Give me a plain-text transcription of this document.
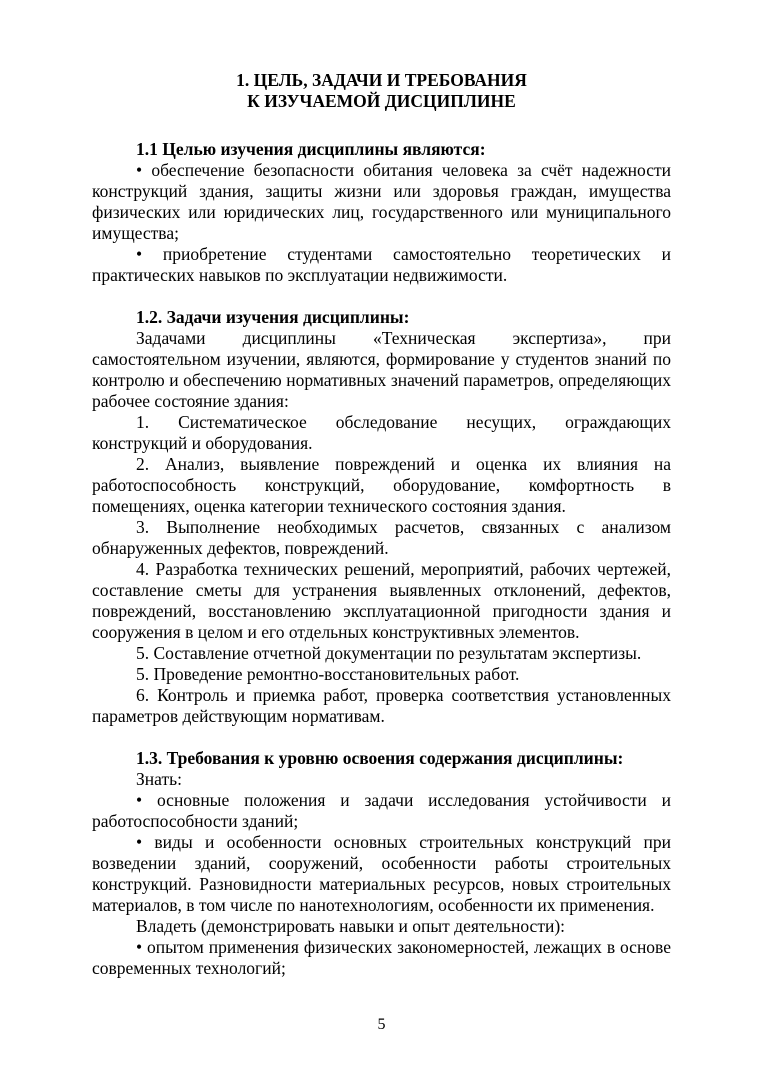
1. ЦЕЛЬ, ЗАДАЧИ И ТРЕБОВАНИЯ
К ИЗУЧАЕМОЙ ДИСЦИПЛИНЕ

1.1 Целью изучения дисциплины являются:

• обеспечение безопасности обитания человека за счёт надежности конструкций здания, защиты жизни или здоровья граждан, имущества физических или юридических лиц, государственного или муниципального имущества;

• приобретение студентами самостоятельно теоретических и практических навыков по эксплуатации недвижимости.

1.2. Задачи изучения дисциплины:

Задачами дисциплины «Техническая экспертиза», при самостоятельном изучении, являются, формирование у студентов знаний по контролю и обеспечению нормативных значений параметров, определяющих рабочее состояние здания:

1. Систематическое обследование несущих, ограждающих конструкций и оборудования.

2. Анализ, выявление повреждений и оценка их влияния на работоспособность конструкций, оборудование, комфортность в помещениях, оценка категории технического состояния здания.

3. Выполнение необходимых расчетов, связанных с анализом обнаруженных дефектов, повреждений.

4. Разработка технических решений, мероприятий, рабочих чертежей, составление сметы для устранения выявленных отклонений, дефектов, повреждений, восстановлению эксплуатационной пригодности здания и сооружения в целом и его отдельных конструктивных элементов.

5. Составление отчетной документации по результатам экспертизы.

5. Проведение ремонтно-восстановительных работ.

6. Контроль и приемка работ, проверка соответствия установленных параметров действующим нормативам.

1.3. Требования к уровню освоения содержания дисциплины:

Знать:

• основные положения и задачи исследования устойчивости и работоспособности зданий;

• виды и особенности основных строительных конструкций при возведении зданий, сооружений, особенности работы строительных конструкций. Разновидности материальных ресурсов, новых строительных материалов, в том числе по нанотехнологиям, особенности их применения.

Владеть (демонстрировать навыки и опыт деятельности):

• опытом применения физических закономерностей, лежащих в основе современных технологий;

5
